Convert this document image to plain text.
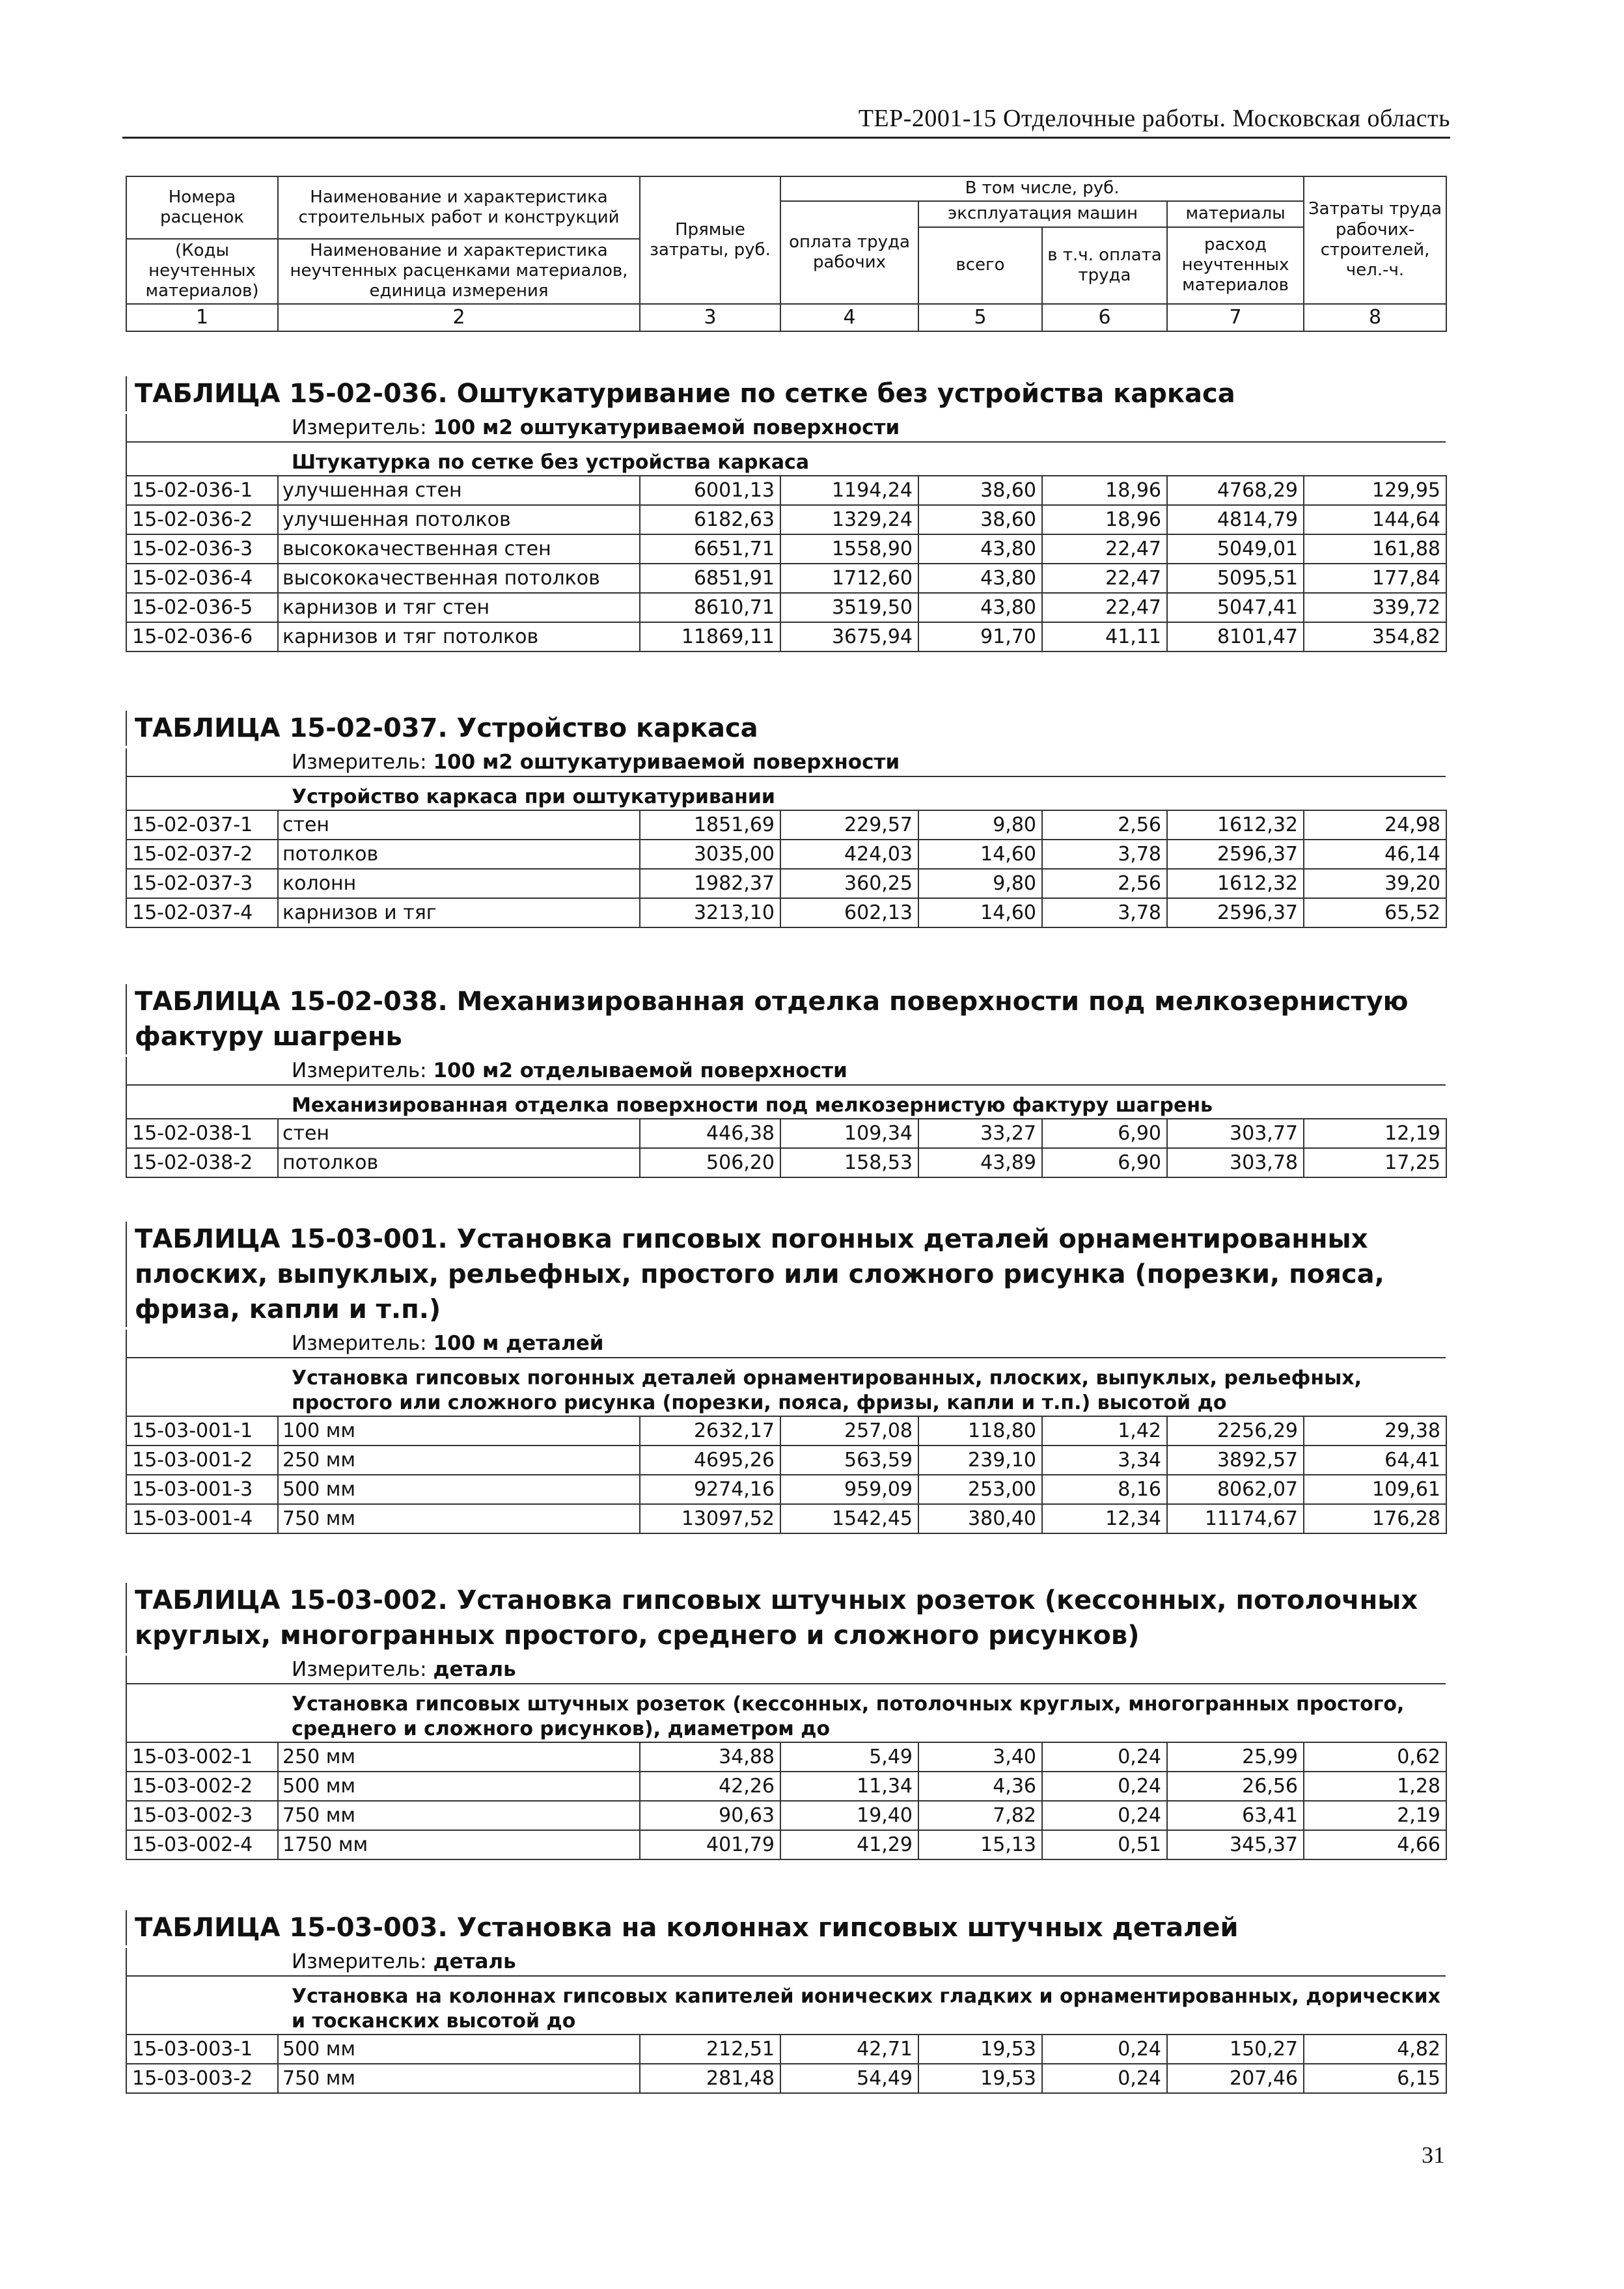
ТЕР-2001-15 Отделочные работы. Московская область
Номера расценок	Наименование и характеристика строительных работ и конструкций	Прямые затраты, руб.	В том числе, руб.				Затраты труда рабочих-строителей, чел.-ч.
			оплата труда рабочих	эксплуатация машин		материалы	
				всего	в т.ч. оплата труда	расход неучтенных материалов	
(Коды неучтенных материалов)	Наименование и характеристика неучтенных расценками материалов, единица измерения						

1	2	3	4	5	6	7	8
ТАБЛИЦА 15-02-036. Оштукатуривание по сетке без устройства каркаса
Измеритель: 100 м2 оштукатуриваемой поверхности
Штукатурка по сетке без устройства каркаса
15-02-036-1	улучшенная стен	6001,13	1194,24	38,60	18,96	4768,29	129,95
15-02-036-2	улучшенная потолков	6182,63	1329,24	38,60	18,96	4814,79	144,64
15-02-036-3	высококачественная стен	6651,71	1558,90	43,80	22,47	5049,01	161,88
15-02-036-4	высококачественная потолков	6851,91	1712,60	43,80	22,47	5095,51	177,84
15-02-036-5	карнизов и тяг стен	8610,71	3519,50	43,80	22,47	5047,41	339,72
15-02-036-6	карнизов и тяг потолков	11869,11	3675,94	91,70	41,11	8101,47	354,82
ТАБЛИЦА 15-02-037. Устройство каркаса
Измеритель: 100 м2 оштукатуриваемой поверхности
Устройство каркаса при оштукатуривании
15-02-037-1	стен	1851,69	229,57	9,80	2,56	1612,32	24,98
15-02-037-2	потолков	3035,00	424,03	14,60	3,78	2596,37	46,14
15-02-037-3	колонн	1982,37	360,25	9,80	2,56	1612,32	39,20
15-02-037-4	карнизов и тяг	3213,10	602,13	14,60	3,78	2596,37	65,52
ТАБЛИЦА 15-02-038. Механизированная отделка поверхности под мелкозернистую фактуру шагрень
Измеритель: 100 м2 отделываемой поверхности
Механизированная отделка поверхности под мелкозернистую фактуру шагрень
15-02-038-1	стен	446,38	109,34	33,27	6,90	303,77	12,19
15-02-038-2	потолков	506,20	158,53	43,89	6,90	303,78	17,25
ТАБЛИЦА 15-03-001. Установка гипсовых погонных деталей орнаментированных плоских, выпуклых, рельефных, простого или сложного рисунка (порезки, пояса, фриза, капли и т.п.)
Измеритель: 100 м деталей
Установка гипсовых погонных деталей орнаментированных, плоских, выпуклых, рельефных, простого или сложного рисунка (порезки, пояса, фризы, капли и т.п.) высотой до
15-03-001-1	100 мм	2632,17	257,08	118,80	1,42	2256,29	29,38
15-03-001-2	250 мм	4695,26	563,59	239,10	3,34	3892,57	64,41
15-03-001-3	500 мм	9274,16	959,09	253,00	8,16	8062,07	109,61
15-03-001-4	750 мм	13097,52	1542,45	380,40	12,34	11174,67	176,28
ТАБЛИЦА 15-03-002. Установка гипсовых штучных розеток (кессонных, потолочных круглых, многогранных простого, среднего и сложного рисунков)
Измеритель: деталь
Установка гипсовых штучных розеток (кессонных, потолочных круглых, многогранных простого, среднего и сложного рисунков), диаметром до
15-03-002-1	250 мм	34,88	5,49	3,40	0,24	25,99	0,62
15-03-002-2	500 мм	42,26	11,34	4,36	0,24	26,56	1,28
15-03-002-3	750 мм	90,63	19,40	7,82	0,24	63,41	2,19
15-03-002-4	1750 мм	401,79	41,29	15,13	0,51	345,37	4,66
ТАБЛИЦА 15-03-003. Установка на колоннах гипсовых штучных деталей
Измеритель: деталь
Установка на колоннах гипсовых капителей ионических гладких и орнаментированных, дорических и тосканских высотой до
15-03-003-1	500 мм	212,51	42,71	19,53	0,24	150,27	4,82
15-03-003-2	750 мм	281,48	54,49	19,53	0,24	207,46	6,15
31
